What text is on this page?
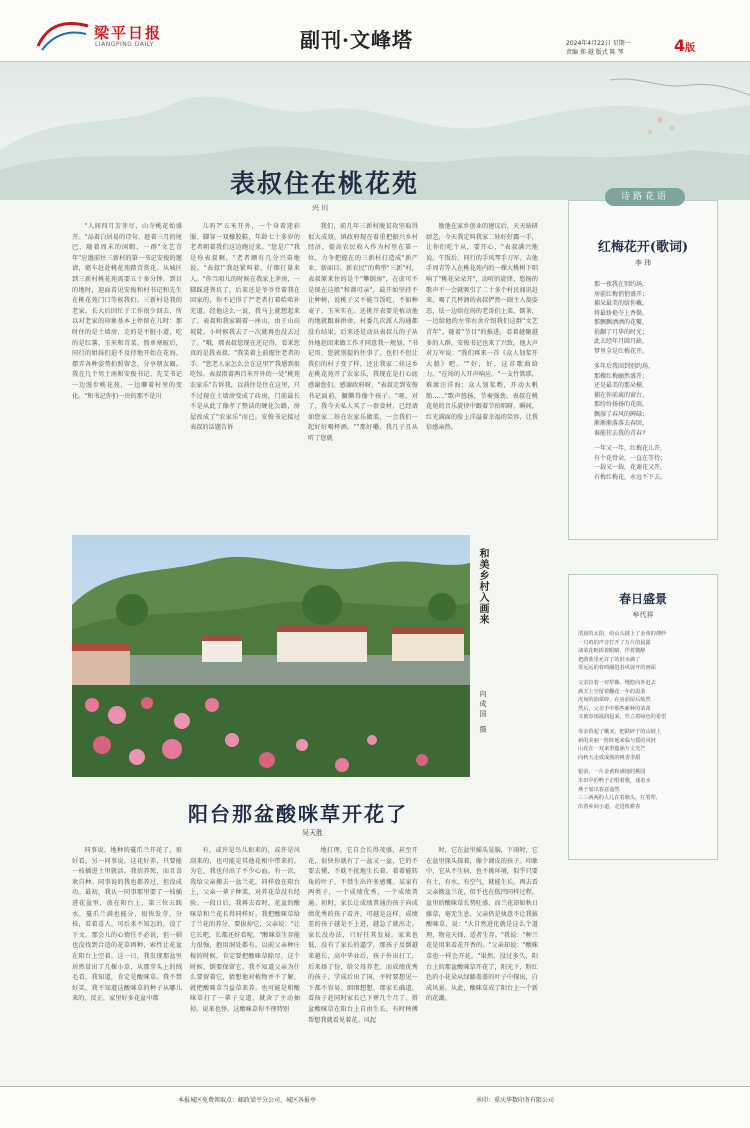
梁平日报
LIANGPING DAILY	副刊·文峰塔	2024年4月22日 星期一
责编 郑 越 版式 陈 琴	4版
表叔住在桃花苑
兴 川

"人间四月芳菲尽，山寺桃花始盛开。"品着白居易的诗句，趁着三月的尾巴，随着周末的闲暇，一群"文艺青年"应邀前往三新村的第一书记安俊的邀请，驱车赶赴桃花苑踏青赏花。从城区到三新村桃花苑需要五十多分钟。到目的地时，迎面看见安俊和村书记和先生在桃花苑门口等候我们。三新村是我的老家，长大后因忙于工作很少回去，所以对老家的印象基本上停留在儿时：那时住的是土墙房，走的是不脏小道，吃的是红薯、玉米和青菜。简单寒暄后，同行的姐妹们迫不及待地开始在花海、摆弄各种姿势拍照留念，分享朋友圈。我在几个男士南和安俊书记、先艾书记一边漫步桃花苑，一边聊着村里的变化。"和书记你们一块的那不是川

儿吗?"五米开外，一个身着迷彩服、脚穿一双橡胶鞋，年龄七十多岁的老者朝着我们这边跑过来。"您是广"我是你表叔啊，"老者额有几分兴奋地说。"表叔!"我赶紧叫着，仔细打量来人。"你当咱儿的时候在我家上茅房，一脚踩进粪坑了，后来还是爷爷背着我在回家的，你不记得了?"老者打着哈哈补充道。经他这么一说，我马上就想起来了。表叔和我家隔着一座山，由于山高坡陡，小时候我去了一次就再也没去过了。"哦，那表叔您现在还记得，看来您真的是我表叔，"我笑着上前握住老者的手。"您老人家怎么会在这里?"我感到很吃惊。表叔指着两百米开外的一处"桃苑农家乐"告诉我，以前住是住在这里，只不过现在土墙房变成了砖房，门前最长不是从此了像孝了整洁的硬化公路，房屋改成了"农家乐"而已。安俊书记接过表叔的话题告诉

我们，前几年三新村脱贫攻坚取得很大成效，镇政府现在着重把振兴乡村经济，提高农民收入作为村里在第一位，力争把握在的三新村打造成"新产业、新面目、新农民"的典型"三新"村，表叔原来住的是个"攀倒房"，在虚可不是现在这般"和蔼可亲"，最开始坚持不让种树，说桃子又不能当饭吃，不如种麦子、玉米实在。还挑开表要是植动他的地就跟谁拼命，村委几次派人沟通都没有结果，后来还是动员表叔儿的子从外地赶回来做工作才同意我一规划。"书记哥，您就别提的往事了，也们不但让我们的村子变了样，还让我家二娃这乡在桃花苑开了农家乐，我现在是打心底感谢您们。感谢政府呀，"表叔走到安俊书记面前，腼腆得像个孩子。"呀，对了，我今天私人买了一套食材，已经请如您家二娃在农家乐做菜，一会我们一起好好喝杯酒。""那好嘞，我几子且从听了您就

励他在家乡创业的建议后，天天钻研厨艺，今天我定叫我家二娃好好露一手，让你们吃个从，要开心，"表叔满兴地说。午饭后，同行的手风琴手刀军、吉他手周青等人在桃花苑内的一棵大桃树下唱响了"桃花朵朵开"，动听的旋律，悠扬的歌声不一会就吸引了二十多个村民闻讯赶来。喝了几杯酒的表叔俨然一副主人翁姿态，怯一边给在场的老哥们上菜、倒茶，一边给他的左邻右舍介绍我们这群"文艺青年"。随着"节目"的推进，看着越聚越多的人群，安俊书记也来了兴致。他大声对万军说："我们再来一首《众人划桨开大船》吧。""好，好，这首歌曲给力。"在场的人开声响应。"一支竹篙耶，难渡汪洋海；众人划桨哟，开动大帆船……"歌声悠扬，节奏强劲。表叔在桃花苑的音乐旋律中跟着节拍唱呀，瞬间，红光满面的脸上洋溢着幸福的笑容，让我倍感亲热。

诗路花语
红梅花开(歌词)
李 玮
那一夜我在别约场，
房前红梅悄悄盛开；
捕朵最美的给你戴，
将最娇艳夺上香鬓。
那飘飘洒洒的花瓣，
拾翻了月华的时光；
此去经年月圆月缺，
梦里全是红梅花开。
多年后我回到别约场，
那棵红梅幽然盛开；
还是最美的那朵模，
捕在你前离的窗台。
那纷纷扬扬的花雨，
飘湿了春风的碑碌；
渐渐渐落落去春回，
谁能挂去我的青春?
一年又一年，红梅花儿开，
有个花骨朵，一直在等待；
一载又一载，花谢花又开，
有梅红梅花，永远不下去。
春日盛景
牟代祥
清晨的太阳，给山头披上了金黄的薄纱
一只鸡的声音打开了万片的晨露
油菜花畦搓着眼睛，伴着微醉
把蔚蓝里允许了的旧水滴了
等远远的春鸣融进春风展开的画面
父亲拉着一对犁藤，慢悠向外赶去
满天上空留着翻花一年的温柔
沉甸的油菜碎，在房前屋后灿然
然后，父亲手中那些新种的菜苗
又被春雨滋润起来，竖立着绿色的希望
母亲拾起了嫩叉，把跌碎于的山坡上
新的美丽一阵阵地来临与摇的风轻
山花在一双来里蕴涵万丈光芒
向秋天走成成熟的桃香李甜
银前，一片金黄和满地的桃园
木田中的鸭子正唱着歌，戏着水
燕子划出春意盎然
三三两两的人儿在着锄头，扛着犁，
沿着乡间小道，走进机耕春
和美乡村入画来
向成国 摄
阳台那盆酸咪草开花了
吴天胜

同事说，地种的蔓爪兰开花了，很好看。另一同事说，这花好养，只要能一枝插进土里就活。我信养死，而且喜欢自种。同事说的我也都养过，但没成功。最初，我认一同事那里要了一枝插进花盆里，放在阳台上，第三位五践水，蔓爪兰满也能分，很快发芽、分枝，看着喜人。可后来不知怎的，没了下文。那会儿的心情任不必说，但一驯也没找到合适的花草再种，索性让花盆在阳台上空着。这一日，我发现那盆里居然冒出了几棵小草，从那芽头上的绒毛看，我知道，肯定是酸咪草。我不禁好笑。我不知道这酸咪草的种子从哪儿来的，反正，家里好多花盆中都

有，或许是鸟儿衔来的，或许是风刮来的，也可能是其他花相中带来的。为它，我也付出了不少心血。有一次，我给父亲搬去一盆兰花，同样放在阳台上，父亲一辈子种菜，对养花草没有经验。一段日后，我再去看时，花盆的酸咪草和兰花长得同样好。我把酸咪草给了兰花的养分，要拔掉它，父亲说："让它长吧，长都还好看呢。"酸咪草生存能力很强，抱用洞处都有。以前父亲种庄稼的时候，肯定要把酸咪草除尽，这个时候，倒要保留它。我不知道父亲为什么要留着它，猜想他对植物并不了解，就把酸咪草当益草来养。也可能是和酸咪草打了一辈子交道，就舍了主动抽掉。说来也怪，这酸咪草你不理特别

地打理，它自会长得茂盛，甚至开花，很快你就有了一盆又一盆，它的不要去懂，不耽不扰地生长着。着着能转角的叶子，不禁生出许多感慨。某家有两类子，一个成绩优秀，一个成绩普通。初时，家长让成绩普通的孩子向成绩优秀的孩子看齐，可越是这样，成绩差的孩子越是不上进，越急了就出走。家长没办法，只好任其发展。家来也低，没有了家长的逼学，那孩子反倒越来越长，高中毕业后，孩子外出打工，后来择了份，给父母养老。而成绩优秀的孩子，学成后出了国，平时要想见一下都不容易。细细想想，那家长确道，看孩子赶同时家长已下葬几个月了。搭盆酸咪草在阳台上自由生长，有时秧傅帮想我就看见着花。风起

时，它在盆里摇头晃脑，下雨时，它在盆里探头探着，像个调皮的孩子。印象中，它从不生病，也不挑环境，似乎只要有土，有水，有空气，就能生长。再去看父亲搬盆兰花，似乎也在低凹同样过程。盆里的酸咪草长势旺盛，而兰花却如秋日藤草，毫无生息，父亲仍是执意不让我拔酸咪草，说："大自然进化就是这么个道理，物竞天择，适者生存。"我说："种兰花是用来看花开香的。"父亲却说："酸咪草也一样会开花。"果然，没过多久，阳台上的那盆酸咪草开花了，阳光下，粉红色的小花朵从绿藤盖盖的叶子中探出，白成风景。从此，酸咪草成了阳台上一个新的花潮。

本报城区免费领取点：邮政梁平分公司、城区各报亭	承印：重庆华数印务有限公司
